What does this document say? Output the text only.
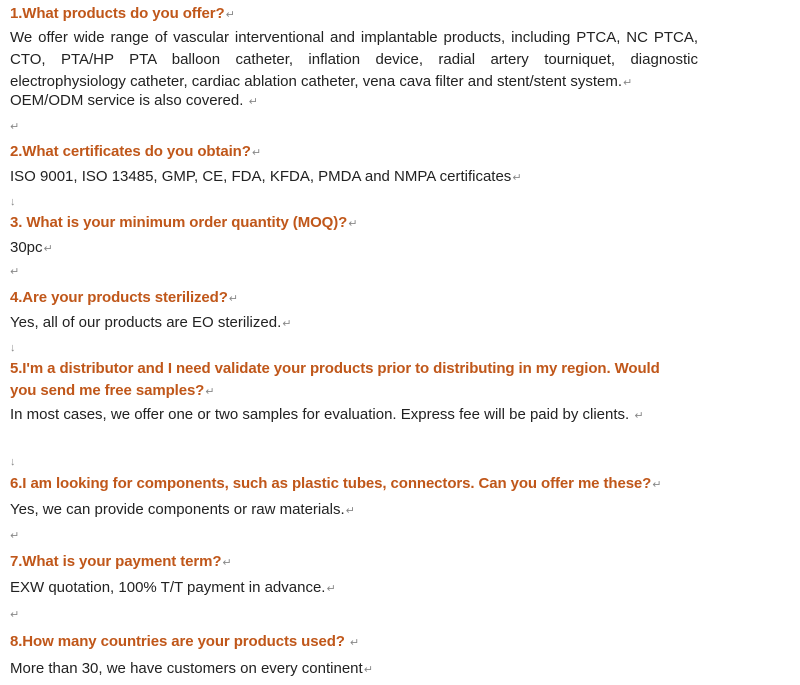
1.What products do you offer?↵
We offer wide range of vascular interventional and implantable products, including PTCA, NC PTCA, CTO, PTA/HP PTA balloon catheter, inflation device, radial artery tourniquet, diagnostic electrophysiology catheter, cardiac ablation catheter, vena cava filter and stent/stent system.↵
OEM/ODM service is also covered. ↵
↵
2.What certificates do you obtain?↵
ISO 9001, ISO 13485, GMP, CE, FDA, KFDA, PMDA and NMPA certificates↵
↓
3. What is your minimum order quantity (MOQ)?↵
30pc↵
↵
4.Are your products sterilized?↵
Yes, all of our products are EO sterilized.↵
↓
5.I'm a distributor and I need validate your products prior to distributing in my region. Would you send me free samples?↵
In most cases, we offer one or two samples for evaluation. Express fee will be paid by clients. ↵
↓
6.I am looking for components, such as plastic tubes, connectors. Can you offer me these?↵
Yes, we can provide components or raw materials.↵
↵
7.What is your payment term?↵
EXW quotation, 100% T/T payment in advance.↵
↵
8.How many countries are your products used? ↵
More than 30, we have customers on every continent↵
